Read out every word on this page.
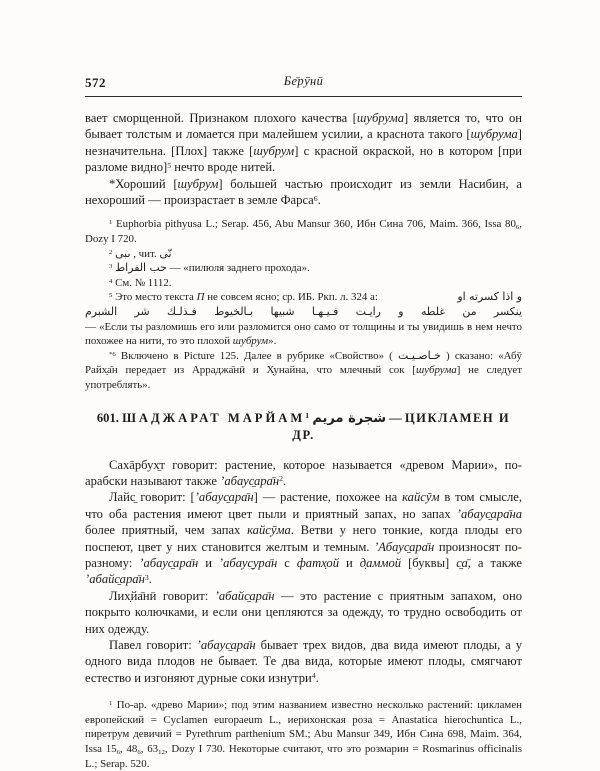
572	Бе̄рӯнӣ

вает сморщенной. Признаком плохого качества [шубрума] является то, что он бывает толстым и ломается при малейшем усилии, а краснота такого [шубрума] незначительна. [Плох] также [шубрум] с красной окраской, но в котором [при разломе видно]$^5$ нечто вроде нитей.

*Хороший [шубрум] большей частью происходит из земли Насибин, а нехороший — произрастает в земле Фарса$^6$.

$^1$ Euphorbia pithyusa L.; Serap. 456, Abu Mansur 360, Ибн Сина 706, Maim. 366, Issa $80_6$, Dozy I 720.

$^2$ ىبى , чит. نّى

$^3$ حب الفراط — «пилюля заднего прохода».

$^4$ См. № 1112.

$^5$ Это место текста П не совсем ясно; ср. ИБ. Ркп. л. 324 а:	و اذا كسرته او

ينكسر من غلطه و رايـت فـيـهـا شبيها بـالخيوط فـذلـك شر الشبرم

— «Если ты разломишь его или разломится оно само от толщины и ты увидишь в нем нечто похожее на нити, то это плохой шубрум».

$^{*6}$ Включено в Picture 125. Далее в рубрике «Свойство» ( خـاصـيـت ) сказано: «Абӯ Райх̣а̄н передает из Арраджа̄нӣ и Х̣унайна, что млечный сок [шубрума] не следует употреблять».

601. ШАДЖАРАТ МАРЙАМ$^1$ شجرة مريم — ЦИКЛАМЕН И ДР.

Сахāрбух̱т говорит: растение, которое называется «древом Марии», по-арабски называют также $’абаус̱ара̄н^2$.

Лайс̱ говорит: [’абаус̱ара̄н] — растение, похожее на кайсӯм в том смысле, что оба растения имеют цвет пыли и приятный запах, но запах ’абаус̱ара̄на более приятный, чем запах кайсӯма. Ветви у него тонкие, когда плоды его поспеют, цвет у них становится желтым и темным. ’Абаус̱ара̄н произносят по-разному: ’абаус̱ара̄н и ’абаус̱ура̄н с фатх̣ой и д̣аммой [буквы] с̱а̄, а также $’абайс̱ара̄н^3$.

Лих̣йа̄нӣ говорит: ’абайс̱ара̄н — это растение с приятным запахом, оно покрыто колючками, и если они цепляются за одежду, то трудно освободить от них одежду.

Павел говорит: ’абаус̱ара̄н бывает трех видов, два вида имеют плоды, а у одного вида плодов не бывает. Те два вида, которые имеют плоды, смягчают естество и изгоняют дурные соки изнутри$^4$.

$^1$ По-ар. «древо Марии»; под этим названием известно несколько растений: цикламен европейский = Cyclamen europaeum L., иерихонская роза = Anastatica hierochuntica L., пиретрум девичий = Pyrethrum parthenium SM.; Abu Mansur 349, Ибн Сина 698, Maim. 364, Issa $15_6$, $48_6$, $63_{12}$, Dozy I 730. Некоторые считают, что это розмарин = Rosmarinus officinalis L.; Serap. 520.
